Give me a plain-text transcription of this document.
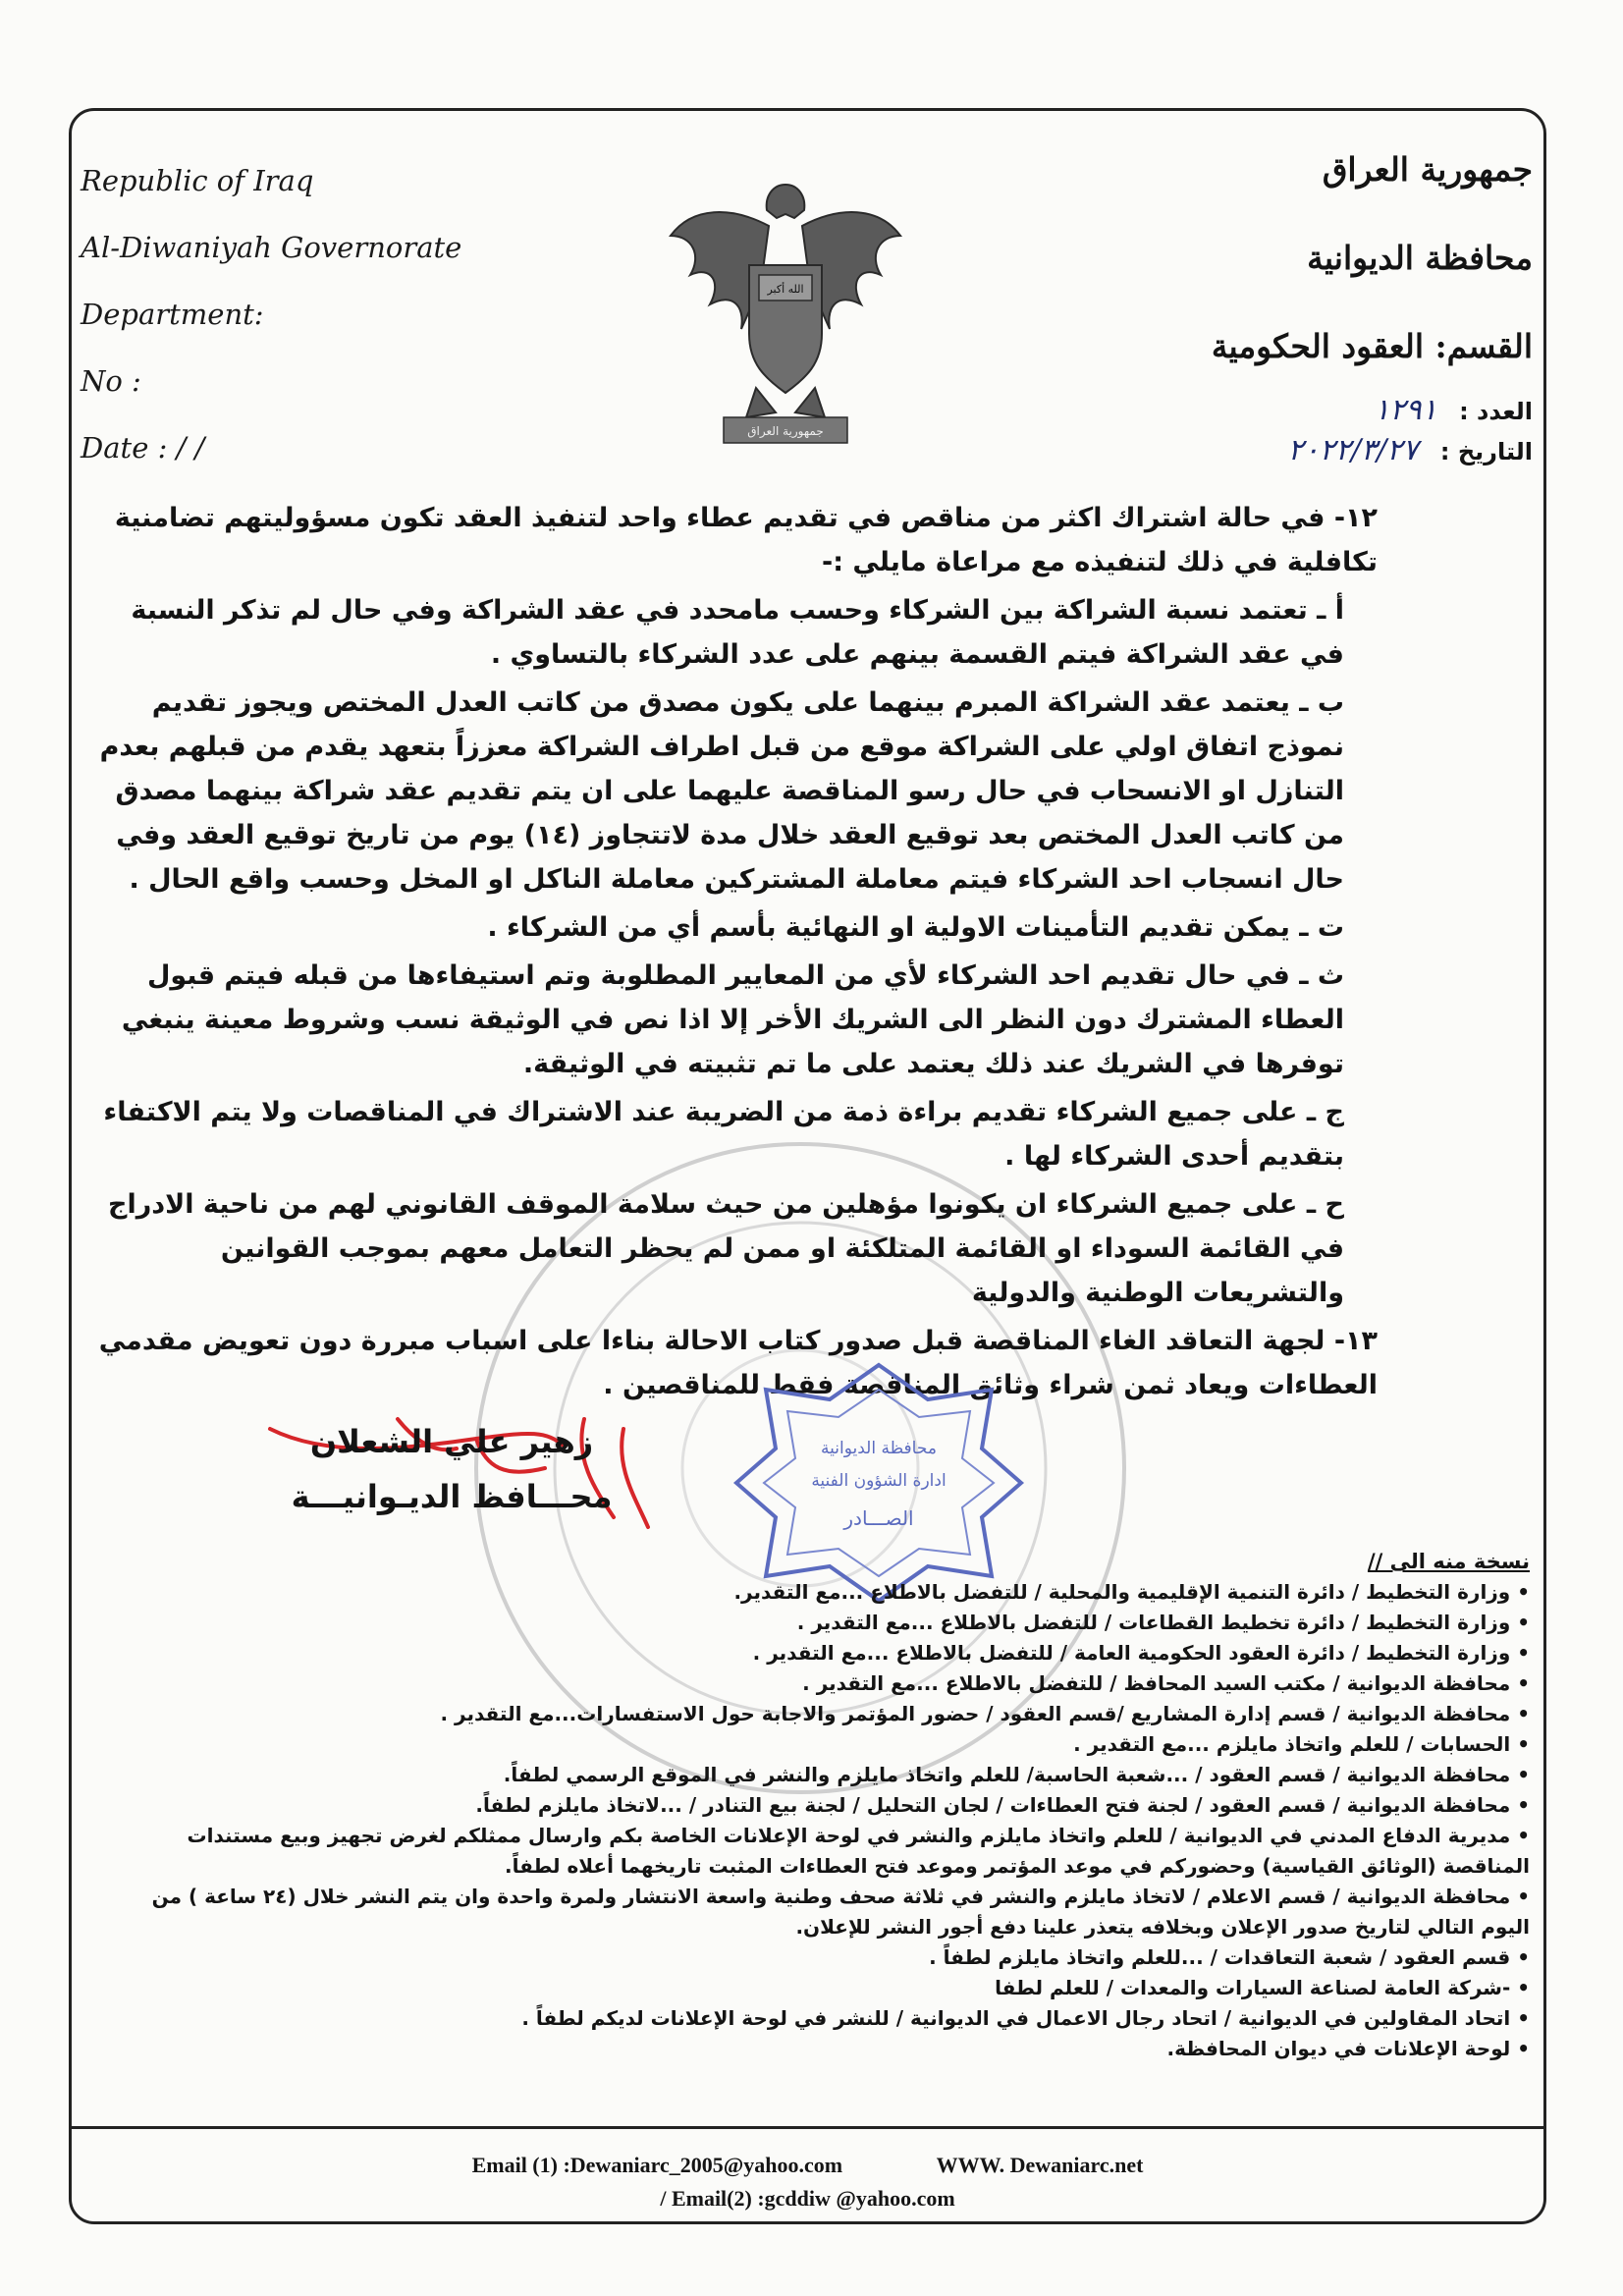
Republic of Iraq
Al-Diwaniyah Governorate
Department:
No :
Date : / /
الله أكبر
جمهورية العراق
جمهورية العراق
محافظة الديوانية
القسم: العقود الحكومية
العدد : ١٢٩١
التاريخ : ٢٠٢٢/٣/٢٧

١٢- في حالة اشتراك اكثر من مناقص في تقديم عطاء واحد لتنفيذ العقد تكون مسؤوليتهم تضامنية تكافلية في ذلك لتنفيذه مع مراعاة مايلي :-

أ ـ تعتمد نسبة الشراكة بين الشركاء وحسب مامحدد في عقد الشراكة وفي حال لم تذكر النسبة في عقد الشراكة فيتم القسمة بينهم على عدد الشركاء بالتساوي .

ب ـ يعتمد عقد الشراكة المبرم بينهما على يكون مصدق من كاتب العدل المختص ويجوز تقديم نموذج اتفاق اولي على الشراكة موقع من قبل اطراف الشراكة معززاً بتعهد يقدم من قبلهم بعدم التنازل او الانسحاب في حال رسو المناقصة عليهما على ان يتم تقديم عقد شراكة بينهما مصدق من كاتب العدل المختص بعد توقيع العقد خلال مدة لاتتجاوز (١٤) يوم من تاريخ توقيع العقد وفي حال انسجاب احد الشركاء فيتم معاملة المشتركين معاملة الناكل او المخل وحسب واقع الحال .

ت ـ يمكن تقديم التأمينات الاولية او النهائية بأسم أي من الشركاء .

ث ـ في حال تقديم احد الشركاء لأي من المعايير المطلوبة وتم استيفاءها من قبله فيتم قبول العطاء المشترك دون النظر الى الشريك الأخر إلا اذا نص في الوثيقة نسب وشروط معينة ينبغي توفرها في الشريك عند ذلك يعتمد على ما تم تثبيته في الوثيقة.

ج ـ على جميع الشركاء تقديم براءة ذمة من الضريبة عند الاشتراك في المناقصات ولا يتم الاكتفاء بتقديم أحدى الشركاء لها .

ح ـ على جميع الشركاء ان يكونوا مؤهلين من حيث سلامة الموقف القانوني لهم من ناحية الادراج في القائمة السوداء او القائمة المتلكئة او ممن لم يحظر التعامل معهم بموجب القوانين والتشريعات الوطنية والدولية

١٣- لجهة التعاقد الغاء المناقصة قبل صدور كتاب الاحالة بناءا على اسباب مبررة دون تعويض مقدمي العطاءات ويعاد ثمن شراء وثائق المناقصة فقط للمناقصين .

زهير علي الشعلان
محـــافظ الديـوانيـــة
محافظة الديوانية
ادارة الشؤون الفنية
الصـــادر
نسخة منه الى //
• وزارة التخطيط / دائرة التنمية الإقليمية والمحلية / للتفضل بالاطلاع ...مع التقدير.
• وزارة التخطيط / دائرة تخطيط القطاعات / للتفضل بالاطلاع ...مع التقدير .
• وزارة التخطيط / دائرة العقود الحكومية العامة / للتفضل بالاطلاع ...مع التقدير .
• محافظة الديوانية / مكتب السيد المحافظ / للتفضل بالاطلاع ...مع التقدير .
• محافظة الديوانية / قسم إدارة المشاريع /قسم العقود / حضور المؤتمر والاجابة حول الاستفسارات...مع التقدير .
• الحسابات / للعلم واتخاذ مايلزم ...مع التقدير .
• محافظة الديوانية / قسم العقود / ...شعبة الحاسبة/ للعلم واتخاذ مايلزم والنشر في الموقع الرسمي لطفاً.
• محافظة الديوانية / قسم العقود / لجنة فتح العطاءات / لجان التحليل / لجنة بيع التنادر / ...لاتخاذ مايلزم لطفاً.
• مديرية الدفاع المدني في الديوانية / للعلم واتخاذ مايلزم والنشر في لوحة الإعلانات الخاصة بكم وارسال ممثلكم لغرض تجهيز وبيع مستندات المناقصة (الوثائق القياسية) وحضوركم في موعد المؤتمر وموعد فتح العطاءات المثبت تاريخهما أعلاه لطفاً.
• محافظة الديوانية / قسم الاعلام / لاتخاذ مايلزم والنشر في ثلاثة صحف وطنية واسعة الانتشار ولمرة واحدة وان يتم النشر خلال (٢٤ ساعة ) من اليوم التالي لتاريخ صدور الإعلان وبخلافه يتعذر علينا دفع أجور النشر للإعلان.
• قسم العقود / شعبة التعاقدات / ...للعلم واتخاذ مايلزم لطفاً .
• -شركة العامة لصناعة السيارات والمعدات / للعلم لطفا
• اتحاد المقاولين في الديوانية / اتحاد رجال الاعمال في الديوانية / للنشر في لوحة الإعلانات لديكم لطفاً .
• لوحة الإعلانات في ديوان المحافظة.
Email (1) :Dewaniarc_2005@yahoo.com	WWW. Dewaniarc.net
/ Email(2) :gcddiw @yahoo.com
